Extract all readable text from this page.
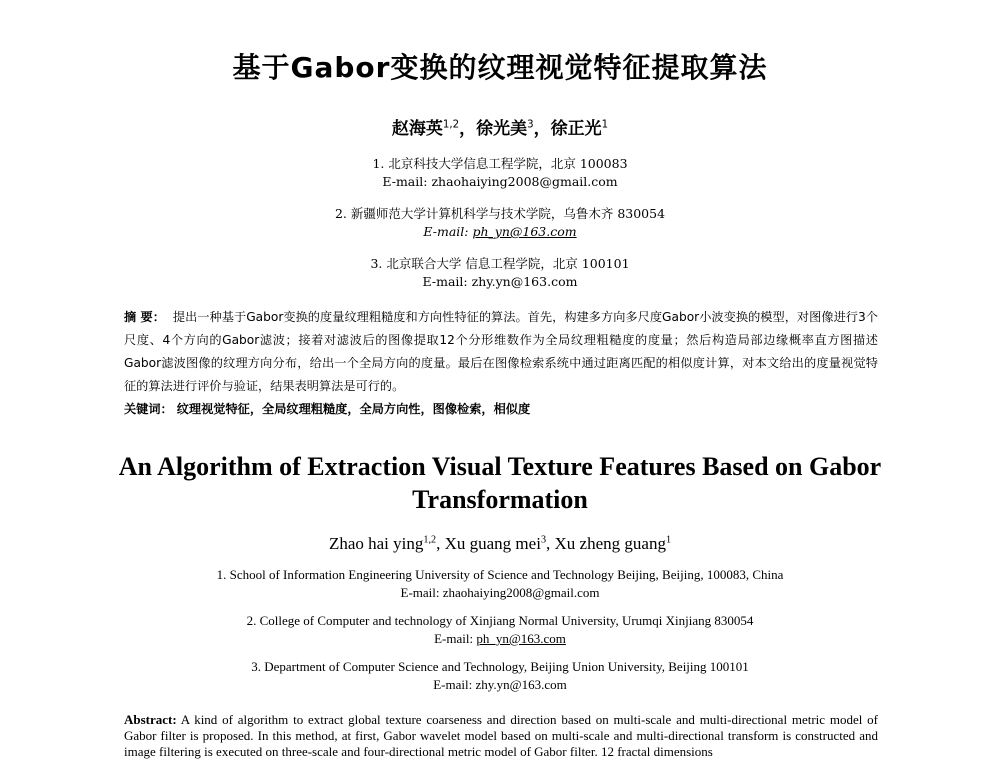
基于Gabor变换的纹理视觉特征提取算法
赵海英$^{1,2}$，徐光美$^3$，徐正光$^1$
1. 北京科技大学信息工程学院，北京 100083
E-mail: zhaohaiying2008@gmail.com
2. 新疆师范大学计算机科学与技术学院，乌鲁木齐 830054
E-mail: ph_yn@163.com
3. 北京联合大学 信息工程学院，北京 100101
E-mail: zhy.yn@163.com
摘 要： 提出一种基于Gabor变换的度量纹理粗糙度和方向性特征的算法。首先，构建多方向多尺度Gabor小波变换的模型，对图像进行3个尺度、4个方向的Gabor滤波；接着对滤波后的图像提取12个分形维数作为全局纹理粗糙度的度量；然后构造局部边缘概率直方图描述Gabor滤波图像的纹理方向分布，给出一个全局方向的度量。最后在图像检索系统中通过距离匹配的相似度计算，对本文给出的度量视觉特征的算法进行评价与验证，结果表明算法是可行的。
关键词： 纹理视觉特征，全局纹理粗糙度，全局方向性，图像检索，相似度
An Algorithm of Extraction Visual Texture Features Based on Gabor
Transformation
Zhao hai ying$^{1,2}$, Xu guang mei$^3$, Xu zheng guang$^1$
1. School of Information Engineering University of Science and Technology Beijing, Beijing, 100083, China
E-mail: zhaohaiying2008@gmail.com
2. College of Computer and technology of Xinjiang Normal University, Urumqi Xinjiang 830054
E-mail: ph_yn@163.com
3. Department of Computer Science and Technology, Beijing Union University, Beijing 100101
E-mail: zhy.yn@163.com
Abstract: A kind of algorithm to extract global texture coarseness and direction based on multi-scale and multi-directional metric model of Gabor filter is proposed. In this method, at first, Gabor wavelet model based on multi-scale and multi-directional transform is constructed and image filtering is executed on three-scale and four-directional metric model of Gabor filter. 12 fractal dimensions
